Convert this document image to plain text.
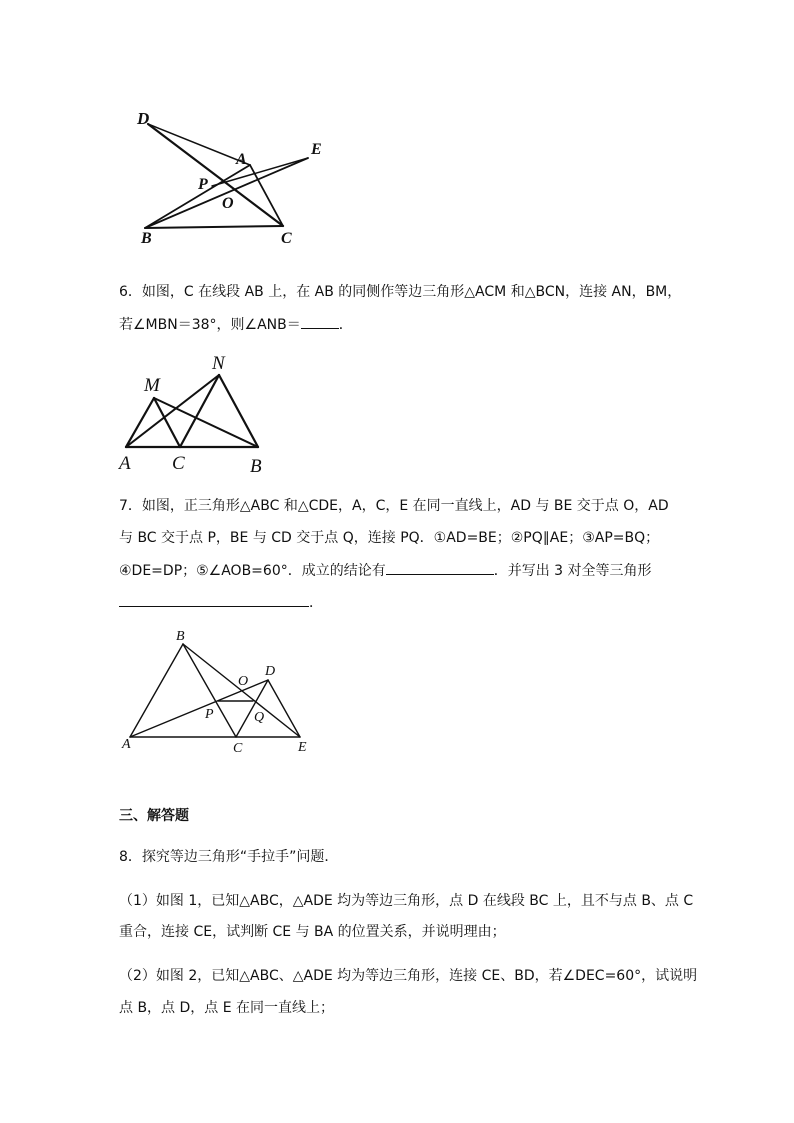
D
A
E
P
O
B	C
6．如图，C 在线段 AB 上，在 AB 的同侧作等边三角形△ACM 和△BCN，连接 AN，BM，
若∠MBN＝38°，则∠ANB＝	．
M
N
A C	B
7．如图，正三角形△ABC 和△CDE，A，C，E 在同一直线上，AD 与 BE 交于点 O，AD
与 BC 交于点 P，BE 与 CD 交于点 Q，连接 PQ．①AD=BE；②PQ∥AE；③AP=BQ；
④DE=DP；⑤∠AOB=60°．成立的结论有	．并写出 3 对全等三角形
．
B
D
O
P	Q
A	C	E
三、解答题
8．探究等边三角形“手拉手”问题．
（1）如图 1，已知△ABC，△ADE 均为等边三角形，点 D 在线段 BC 上，且不与点 B、点 C
重合，连接 CE，试判断 CE 与 BA 的位置关系，并说明理由；
（2）如图 2，已知△ABC、△ADE 均为等边三角形，连接 CE、BD，若∠DEC=60°，试说明
点 B，点 D，点 E 在同一直线上；
